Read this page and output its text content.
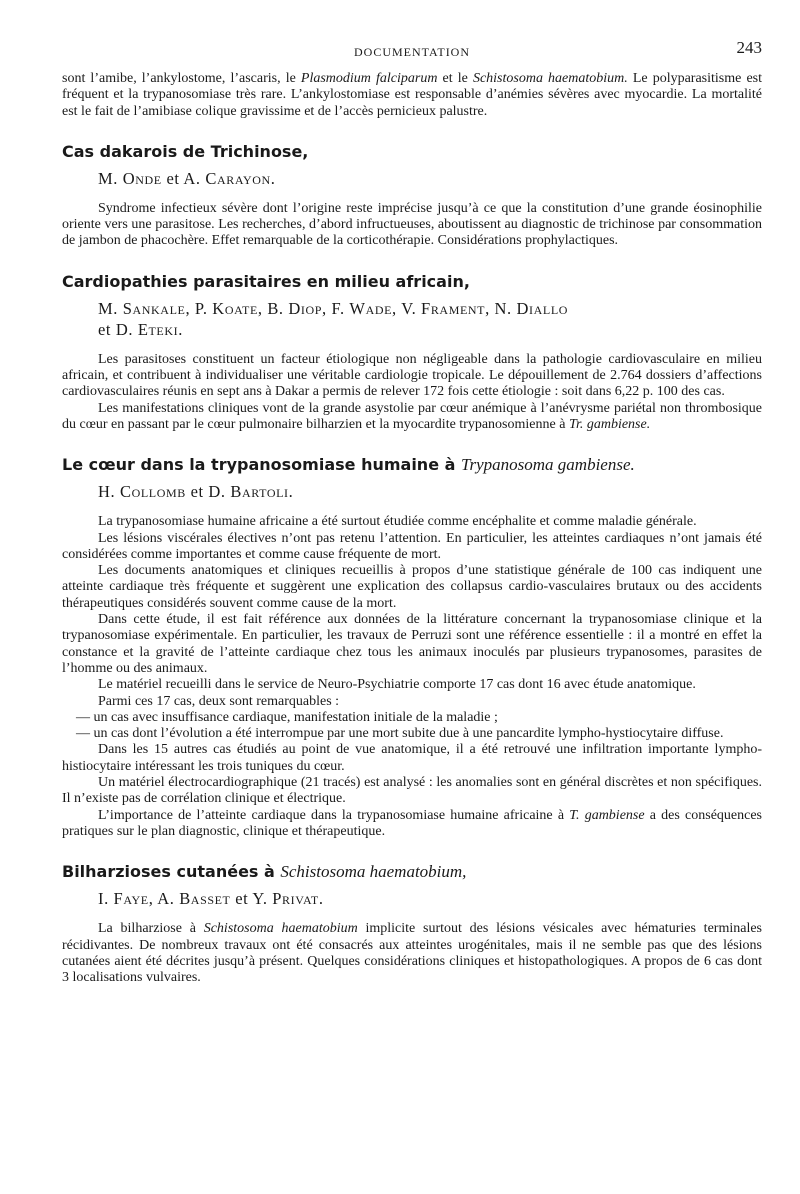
DOCUMENTATION	243

sont l’amibe, l’ankylostome, l’ascaris, le Plasmodium falciparum et le Schistosoma haematobium. Le polyparasitisme est fréquent et la trypanosomiase très rare. L’ankylostomiase est responsable d’anémies sévères avec myocardie. La mortalité est le fait de l’amibiase colique gravissime et de l’accès pernicieux palustre.

Cas dakarois de Trichinose,
M. Onde et A. Carayon.

Syndrome infectieux sévère dont l’origine reste imprécise jusqu’à ce que la constitution d’une grande éosinophilie oriente vers une parasitose. Les recherches, d’abord infructueuses, aboutissent au diagnostic de trichinose par consommation de jambon de phacochère. Effet remarquable de la corticothérapie. Considérations prophylactiques.

Cardiopathies parasitaires en milieu africain,
M. Sankale, P. Koate, B. Diop, F. Wade, V. Frament, N. Diallo
et D. Eteki.

Les parasitoses constituent un facteur étiologique non négligeable dans la pathologie cardiovasculaire en milieu africain, et contribuent à individualiser une véritable cardiologie tropicale. Le dépouillement de 2.764 dossiers d’affections cardiovasculaires réunis en sept ans à Dakar a permis de relever 172 fois cette étiologie : soit dans 6,22 p. 100 des cas.

Les manifestations cliniques vont de la grande asystolie par cœur anémique à l’anévrysme pariétal non thrombosique du cœur en passant par le cœur pulmonaire bilharzien et la myocardite trypanosomienne à Tr. gambiense.

Le cœur dans la trypanosomiase humaine à Trypanosoma gambiense.
H. Collomb et D. Bartoli.

La trypanosomiase humaine africaine a été surtout étudiée comme encéphalite et comme maladie générale.

Les lésions viscérales électives n’ont pas retenu l’attention. En particulier, les atteintes cardiaques n’ont jamais été considérées comme importantes et comme cause fréquente de mort.

Les documents anatomiques et cliniques recueillis à propos d’une statistique générale de 100 cas indiquent une atteinte cardiaque très fréquente et suggèrent une explication des collapsus cardio-vasculaires brutaux ou des accidents thérapeutiques considérés souvent comme cause de la mort.

Dans cette étude, il est fait référence aux données de la littérature concernant la trypanosomiase clinique et la trypanosomiase expérimentale. En particulier, les travaux de Perruzi sont une référence essentielle : il a montré en effet la constance et la gravité de l’atteinte cardiaque chez tous les animaux inoculés par plusieurs trypanosomes, parasites de l’homme ou des animaux.

Le matériel recueilli dans le service de Neuro-Psychiatrie comporte 17 cas dont 16 avec étude anatomique.

Parmi ces 17 cas, deux sont remarquables :

— un cas avec insuffisance cardiaque, manifestation initiale de la maladie ;

— un cas dont l’évolution a été interrompue par une mort subite due à une pancardite lympho-hystiocytaire diffuse.

Dans les 15 autres cas étudiés au point de vue anatomique, il a été retrouvé une infiltration importante lympho-histiocytaire intéressant les trois tuniques du cœur.

Un matériel électrocardiographique (21 tracés) est analysé : les anomalies sont en général discrètes et non spécifiques. Il n’existe pas de corrélation clinique et électrique.

L’importance de l’atteinte cardiaque dans la trypanosomiase humaine africaine à T. gambiense a des conséquences pratiques sur le plan diagnostic, clinique et thérapeutique.

Bilharzioses cutanées à Schistosoma haematobium,
I. Faye, A. Basset et Y. Privat.

La bilharziose à Schistosoma haematobium implicite surtout des lésions vésicales avec hématuries terminales récidivantes. De nombreux travaux ont été consacrés aux atteintes urogénitales, mais il ne semble pas que des lésions cutanées aient été décrites jusqu’à présent. Quelques considérations cliniques et histopathologiques. A propos de 6 cas dont 3 localisations vulvaires.
